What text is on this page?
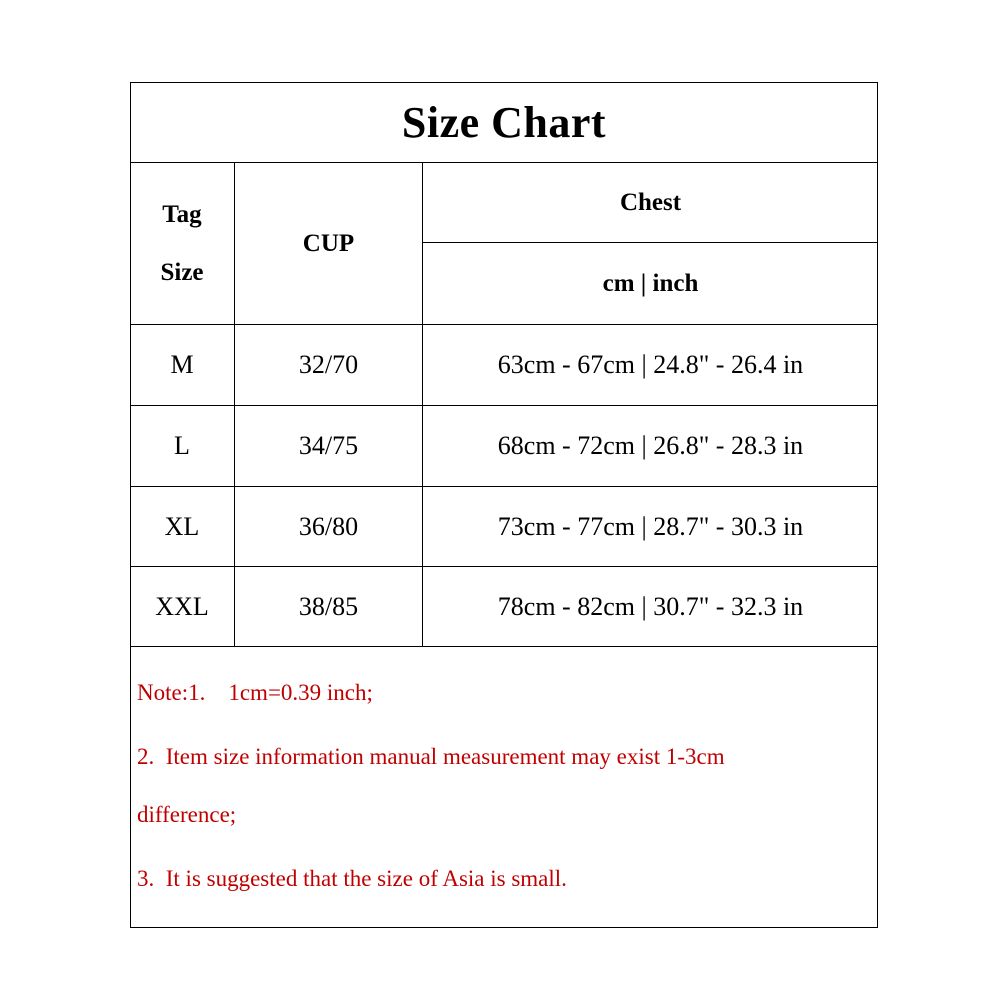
Size Chart
Tag
Size
CUP
Chest
cm | inch
M	32/70	63cm - 67cm | 24.8" - 26.4 in
L	34/75	68cm - 72cm | 26.8" - 28.3 in
XL	36/80	73cm - 77cm | 28.7" - 30.3 in
XXL	38/85	78cm - 82cm | 30.7" - 32.3 in
Note:1.    1cm=0.39 inch;
2.  Item size information manual measurement may exist 1-3cm
difference;
3.  It is suggested that the size of Asia is small.
